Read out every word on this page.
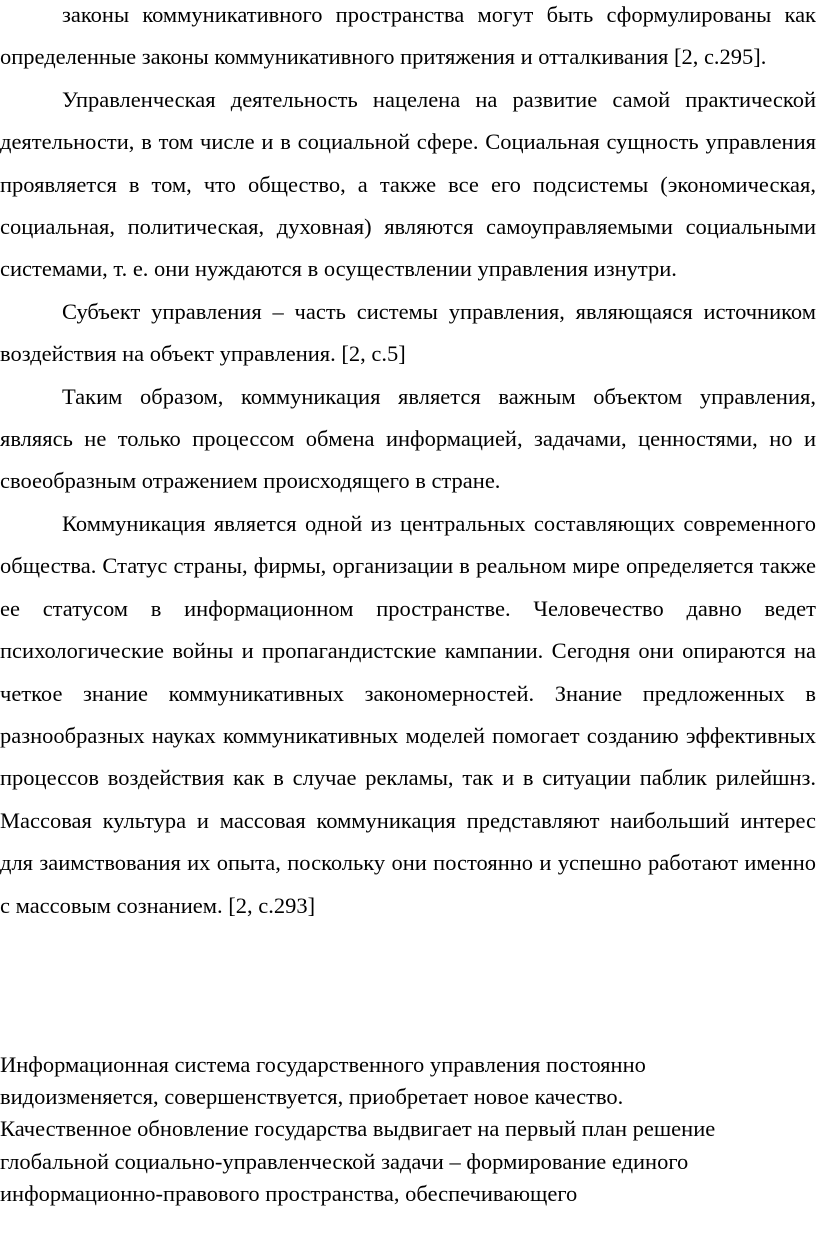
законы коммуникативного пространства могут быть сформулированы как определенные законы коммуникативного притяжения и отталкивания [2, с.295].

Управленческая деятельность нацелена на развитие самой практической деятельности, в том числе и в социальной сфере. Социальная сущность управления проявляется в том, что общество, а также все его подсистемы (экономическая, социальная, политическая, духовная) являются самоуправляемыми социальными системами, т. е. они нуждаются в осуществлении управления изнутри.

Субъект управления – часть системы управления, являющаяся источником воздействия на объект управления. [2, с.5]

Таким образом, коммуникация является важным объектом управления, являясь не только процессом обмена информацией, задачами, ценностями, но и своеобразным отражением происходящего в стране.

Коммуникация является одной из центральных составляющих современного общества. Статус страны, фирмы, организации в реальном мире определяется также ее статусом в информационном пространстве. Человечество давно ведет психологические войны и пропагандистские кампании. Сегодня они опираются на четкое знание коммуникативных закономерностей. Знание предложенных в разнообразных науках коммуникативных моделей помогает созданию эффективных процессов воздействия как в случае рекламы, так и в ситуации паблик рилейшнз. Массовая культура и массовая коммуникация представляют наибольший интерес для заимствования их опыта, поскольку они постоянно и успешно работают именно с массовым сознанием. [2, с.293]

Информационная система государственного управления постоянно

видоизменяется, совершенствуется, приобретает новое качество.

Качественное обновление государства выдвигает на первый план решение

глобальной социально-управленческой задачи – формирование единого

информационно-правового пространства, обеспечивающего
